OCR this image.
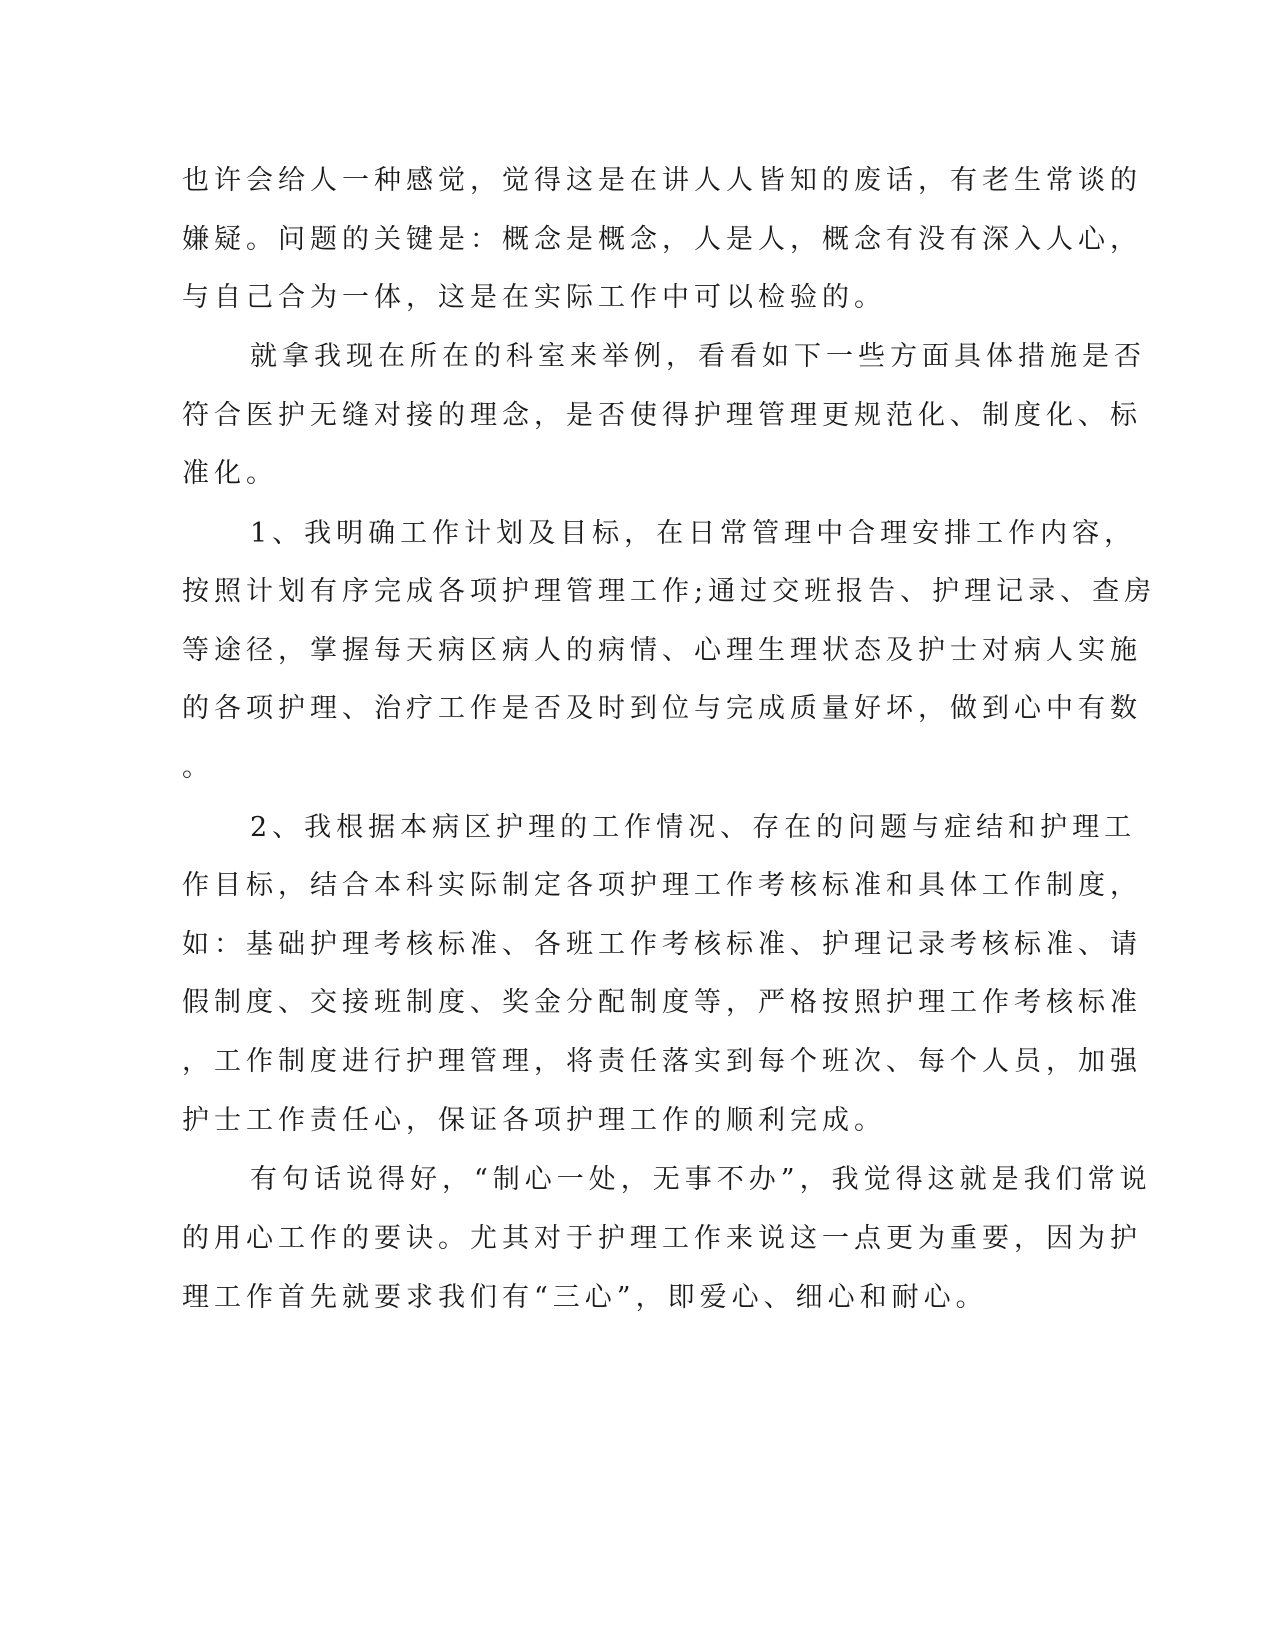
也许会给人一种感觉，觉得这是在讲人人皆知的废话，有老生常谈的

嫌疑。问题的关键是：概念是概念，人是人，概念有没有深入人心，

与自己合为一体，这是在实际工作中可以检验的。

就拿我现在所在的科室来举例，看看如下一些方面具体措施是否

符合医护无缝对接的理念，是否使得护理管理更规范化、制度化、标

准化。

1、我明确工作计划及目标，在日常管理中合理安排工作内容，

按照计划有序完成各项护理管理工作;通过交班报告、护理记录、查房

等途径，掌握每天病区病人的病情、心理生理状态及护士对病人实施

的各项护理、治疗工作是否及时到位与完成质量好坏，做到心中有数

。

2、我根据本病区护理的工作情况、存在的问题与症结和护理工

作目标，结合本科实际制定各项护理工作考核标准和具体工作制度，

如：基础护理考核标准、各班工作考核标准、护理记录考核标准、请

假制度、交接班制度、奖金分配制度等，严格按照护理工作考核标准

，工作制度进行护理管理，将责任落实到每个班次、每个人员，加强

护士工作责任心，保证各项护理工作的顺利完成。

有句话说得好，“制心一处，无事不办”，我觉得这就是我们常说

的用心工作的要诀。尤其对于护理工作来说这一点更为重要，因为护

理工作首先就要求我们有“三心”，即爱心、细心和耐心。
